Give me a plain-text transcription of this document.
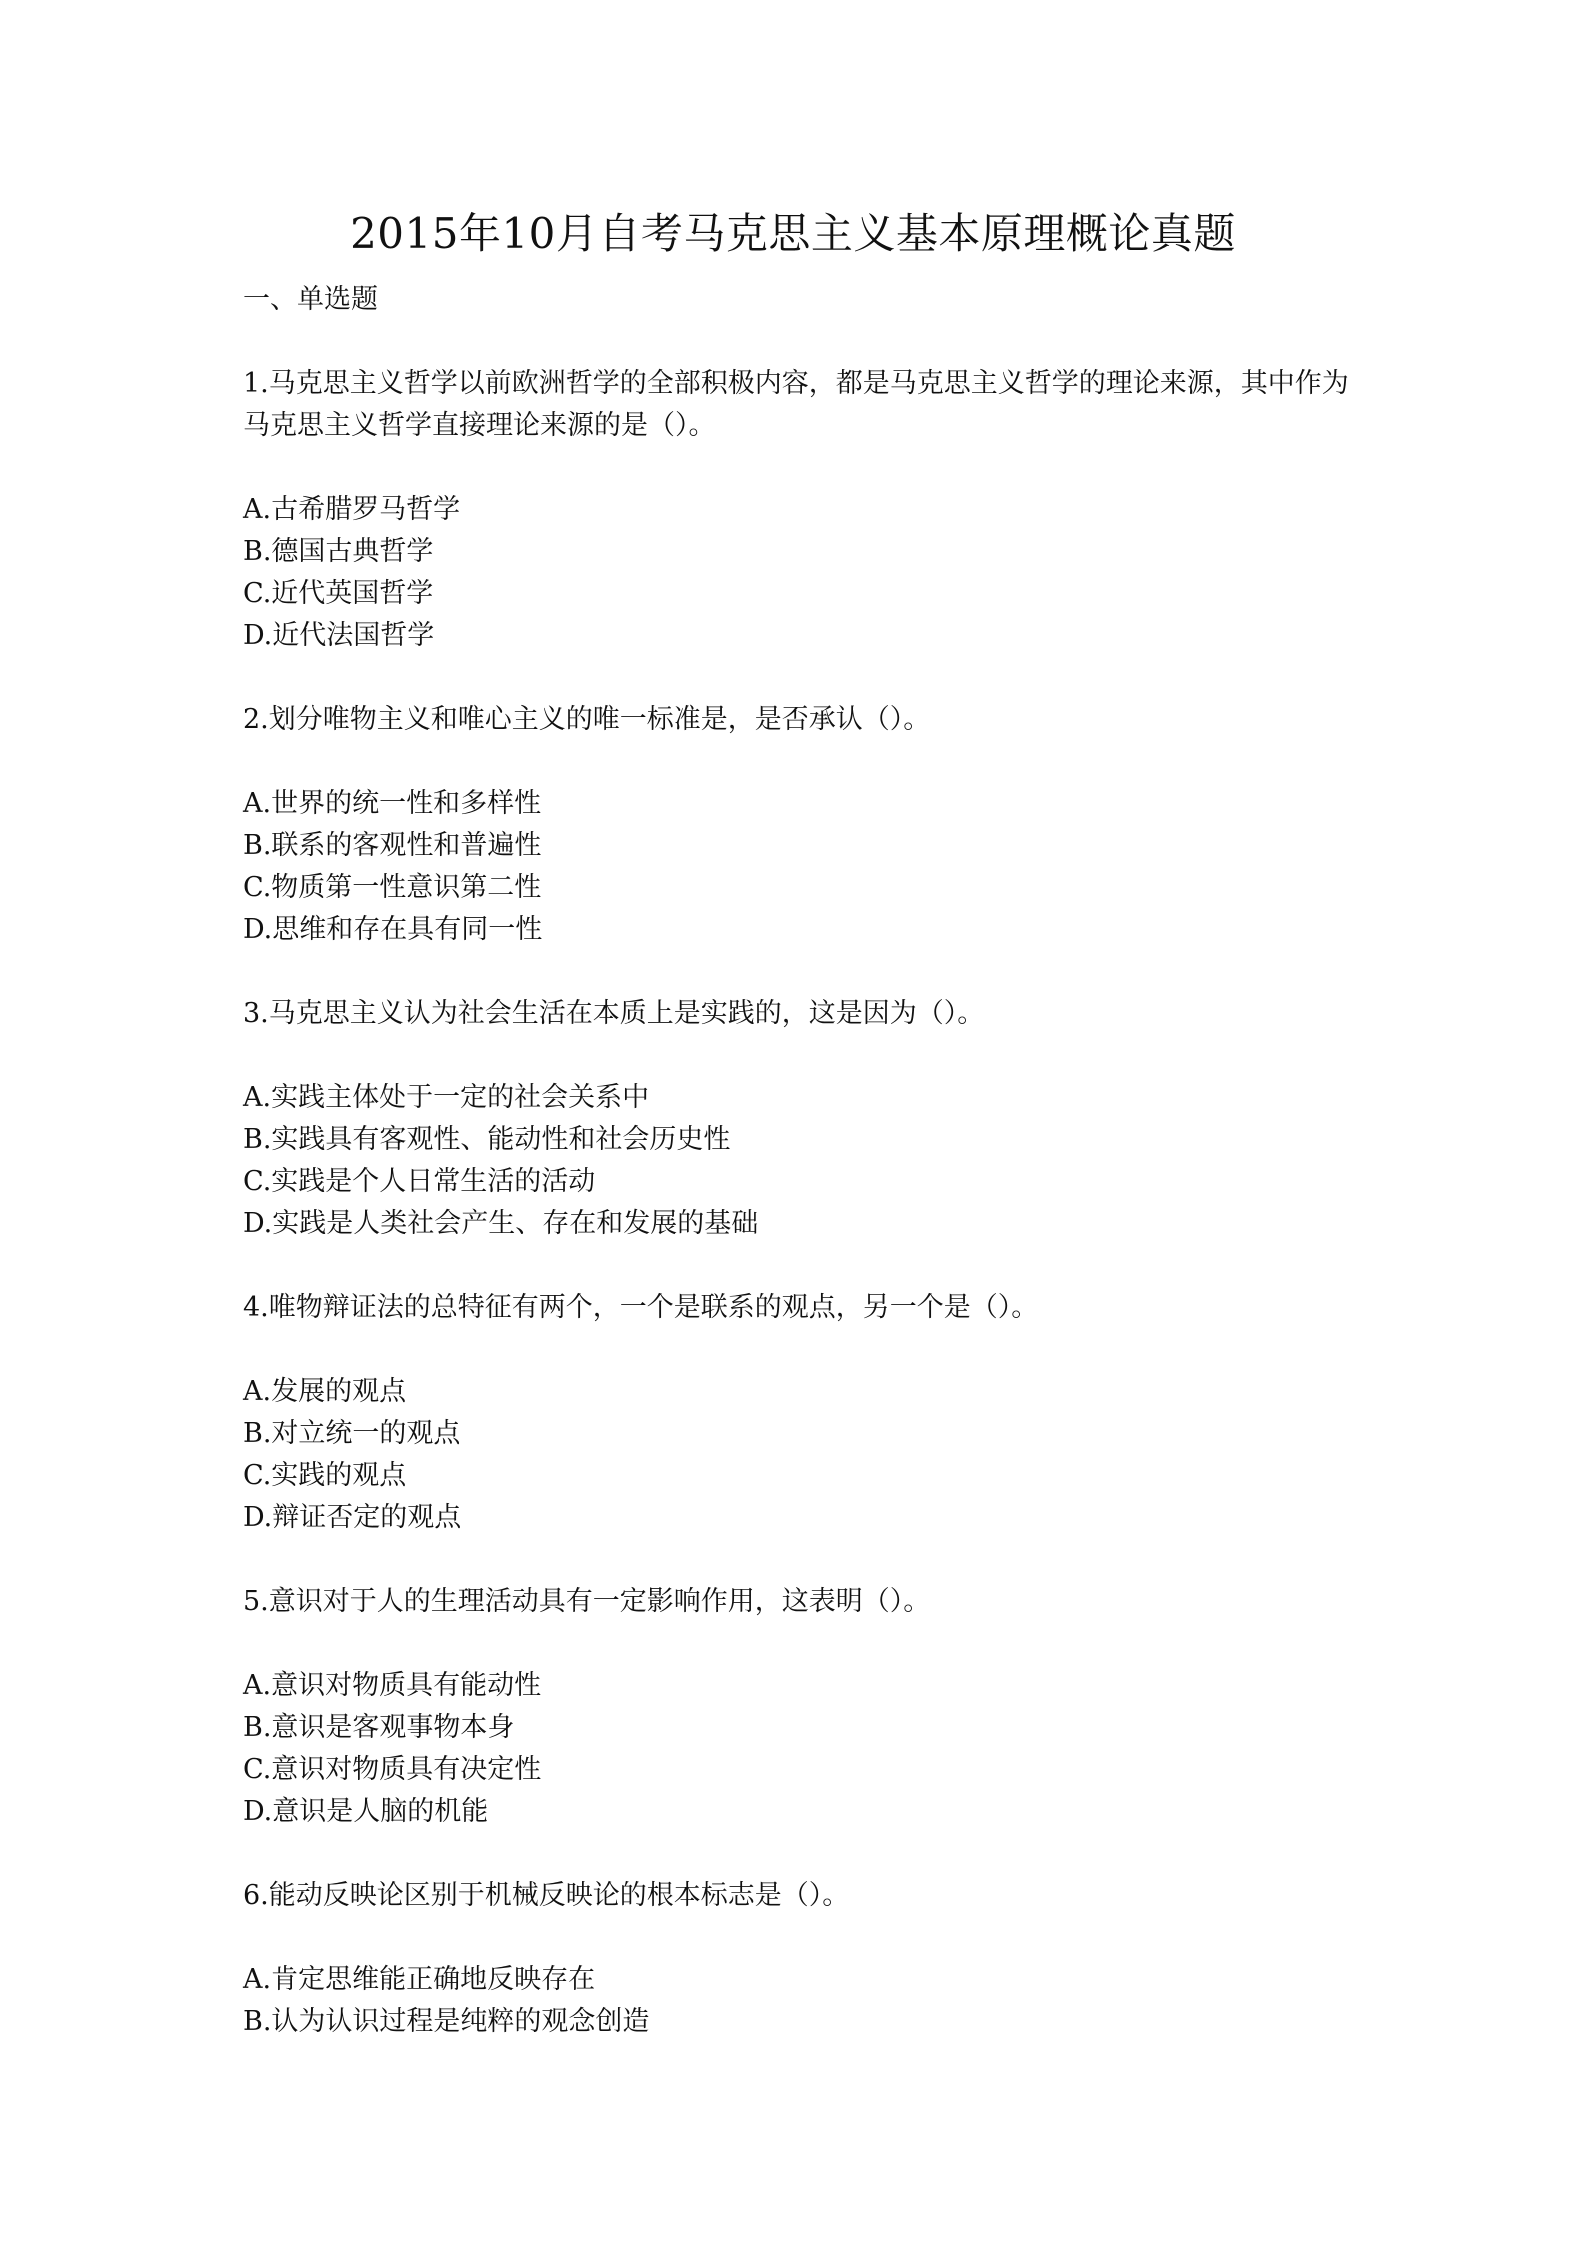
2015年10月自考马克思主义基本原理概论真题
一、单选题

1.马克思主义哲学以前欧洲哲学的全部积极内容，都是马克思主义哲学的理论来源，其中作为马克思主义哲学直接理论来源的是（）。

A.古希腊罗马哲学
B.德国古典哲学
C.近代英国哲学
D.近代法国哲学

2.划分唯物主义和唯心主义的唯一标准是，是否承认（）。

A.世界的统一性和多样性
B.联系的客观性和普遍性
C.物质第一性意识第二性
D.思维和存在具有同一性

3.马克思主义认为社会生活在本质上是实践的，这是因为（）。

A.实践主体处于一定的社会关系中
B.实践具有客观性、能动性和社会历史性
C.实践是个人日常生活的活动
D.实践是人类社会产生、存在和发展的基础

4.唯物辩证法的总特征有两个，一个是联系的观点，另一个是（）。

A.发展的观点
B.对立统一的观点
C.实践的观点
D.辩证否定的观点

5.意识对于人的生理活动具有一定影响作用，这表明（）。

A.意识对物质具有能动性
B.意识是客观事物本身
C.意识对物质具有决定性
D.意识是人脑的机能

6.能动反映论区别于机械反映论的根本标志是（）。

A.肯定思维能正确地反映存在
B.认为认识过程是纯粹的观念创造
